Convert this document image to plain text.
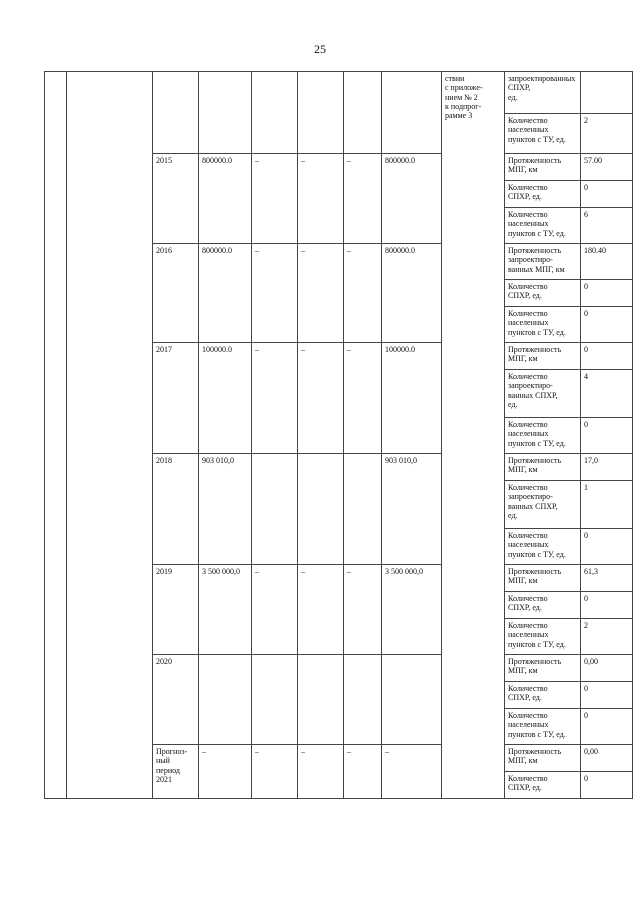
25
								ствии
с приложе-
нием № 2
к подпрог-
рамме 3	запроектированных СПХР,
ед.	
									Количество
населенных
пунктов с ТУ, ед.	2
		2015	800000.0	–	–	–	800000.0		Протяженность
МПГ, км	57.00
									Количество
СПХР, ед.	0
									Количество
населенных
пунктов с ТУ, ед.	6
		2016	800000.0	–	–	–	800000.0		Протяженность
запроектиро-
ванных МПГ, км	180.40
									Количество
СПХР, ед.	0
									Количество
населенных
пунктов с ТУ, ед.	0
		2017	100000.0	–	–	–	100000.0		Протяженность
МПГ, км	0
									Количество
запроектиро-
ванных СПХР,
ед.	4
									Количество
населенных
пунктов с ТУ, ед.	0
		2018	903 010,0				903 010,0		Протяженность
МПГ, км	17,0
									Количество
запроектиро-
ванных СПХР,
ед.	1
									Количество
населенных
пунктов с ТУ, ед.	0
		2019	3 500 000,0	–	–	–	3 500 000,0		Протяженность
МПГ, км	61,3
									Количество
СПХР, ед.	0
									Количество
населенных
пунктов с ТУ, ед.	2
		2020							Протяженность
МПГ, км	0,00
									Количество
СПХР, ед.	0
									Количество
населенных
пунктов с ТУ, ед.	0
		Прогноз-
ный
период
2021	–	–	–	–	–		Протяженность
МПГ, км	0,00
									Количество
СПХР, ед.	0
